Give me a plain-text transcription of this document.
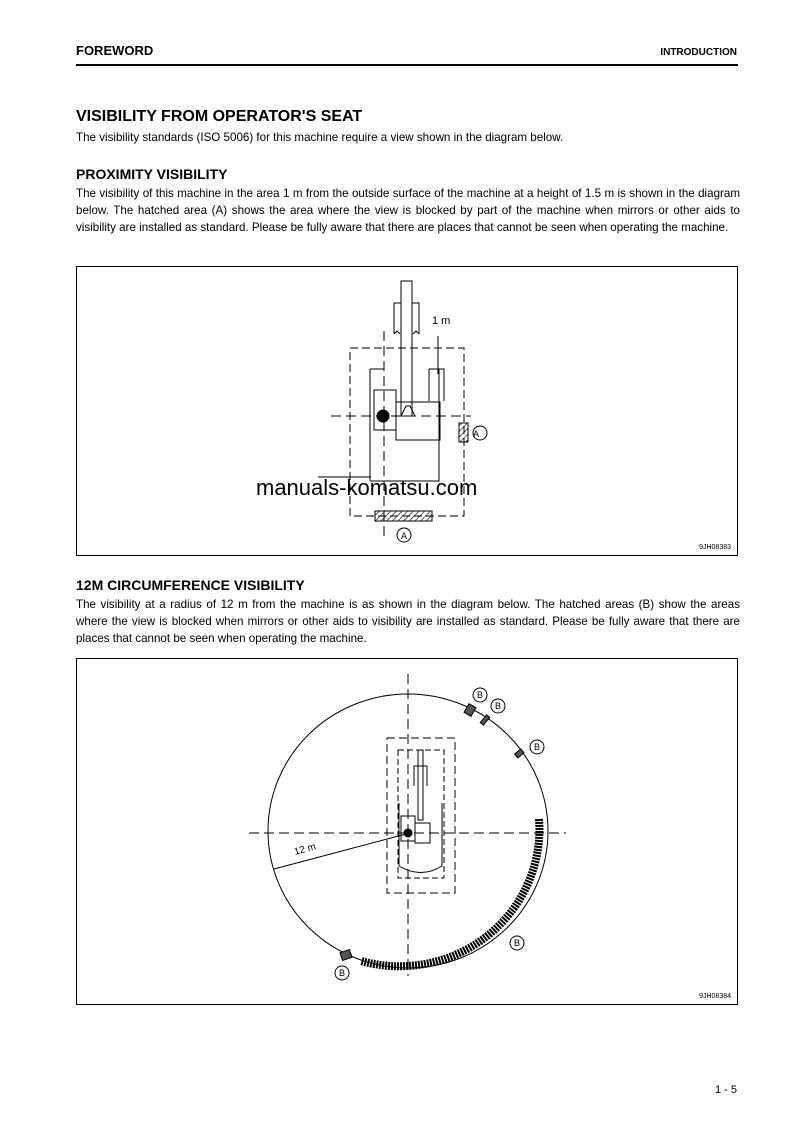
FOREWORD	INTRODUCTION
VISIBILITY FROM OPERATOR'S SEAT

The visibility standards (ISO 5006) for this machine require a view shown in the diagram below.

PROXIMITY VISIBILITY

The visibility of this machine in the area 1 m from the outside surface of the machine at a height of 1.5 m is shown in the diagram below. The hatched area (A) shows the area where the view is blocked by part of the machine when mirrors or other aids to visibility are installed as standard. Please be fully aware that there are places that cannot be seen when operating the machine.

1 m
A
A
9JH08383
12M CIRCUMFERENCE VISIBILITY

The visibility at a radius of 12 m from the machine is as shown in the diagram below. The hatched areas (B) show the areas where the view is blocked when mirrors or other aids to visibility are installed as standard. Please be fully aware that there are places that cannot be seen when operating the machine.

12 m
B
B
B
B
B
9JH08384
manuals-komatsu.com
1 - 5
